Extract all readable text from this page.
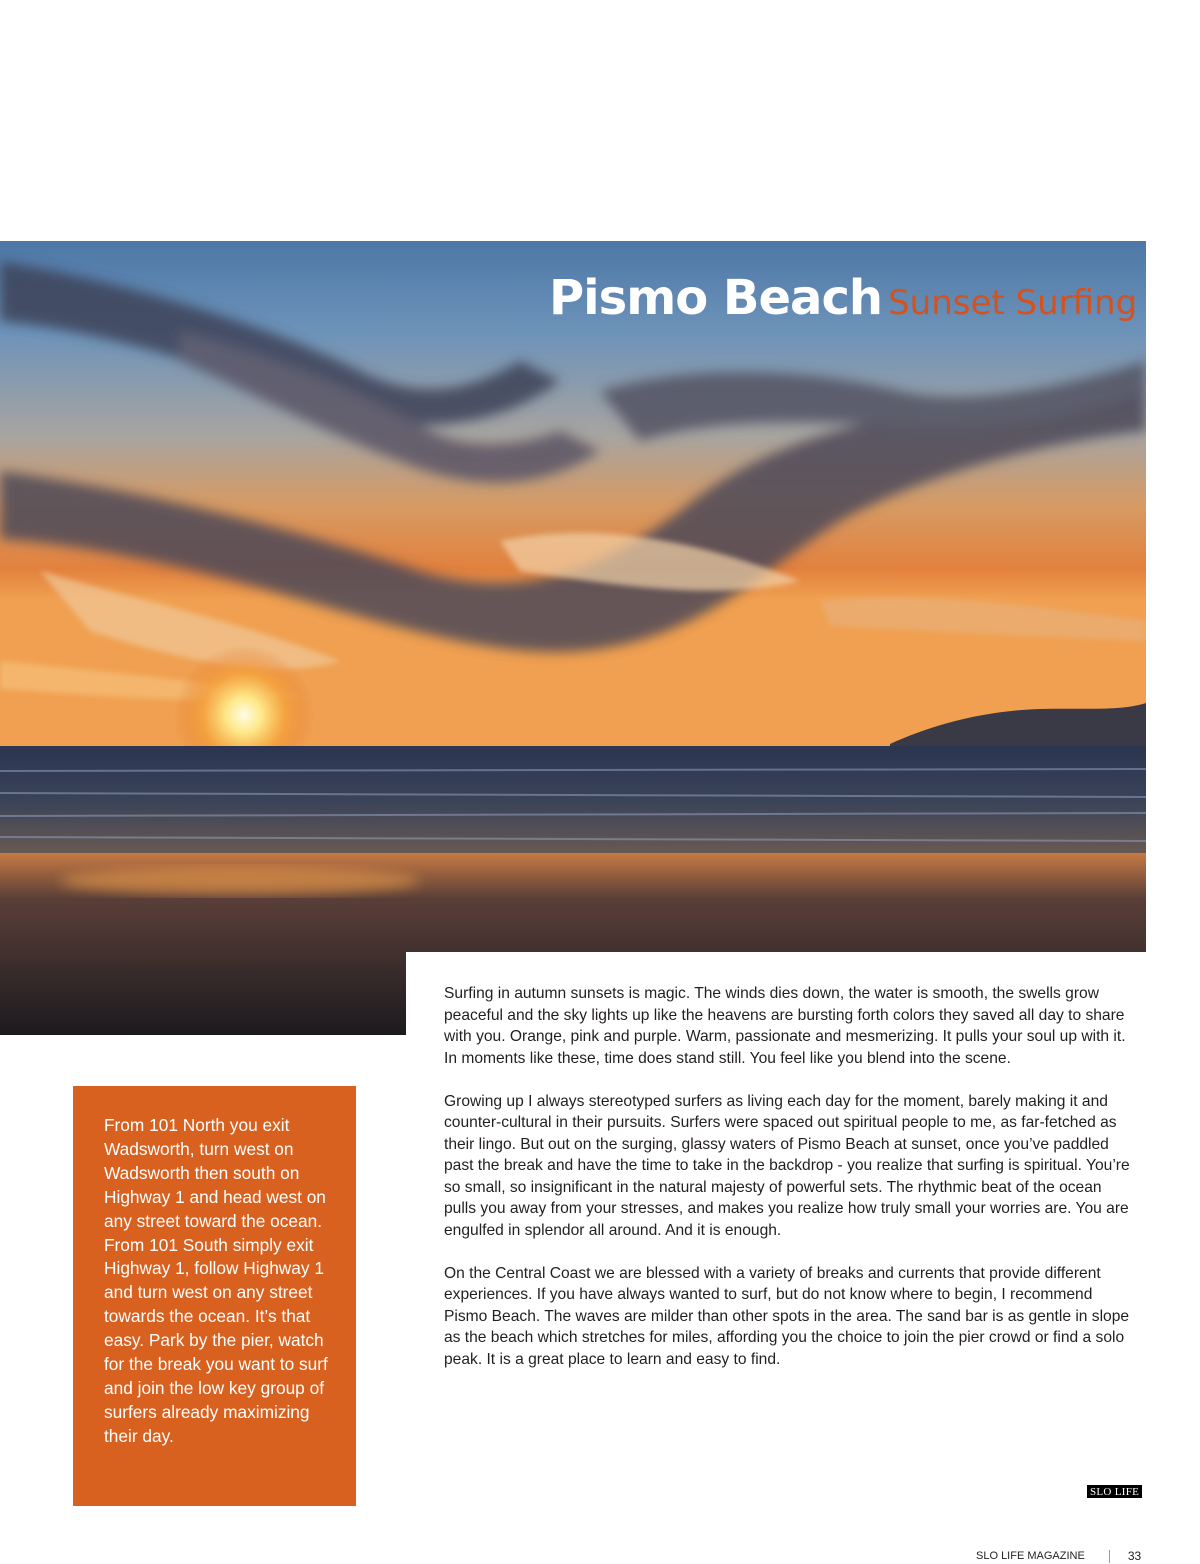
Pismo Beach Sunset Surfing

Surfing in autumn sunsets is magic. The winds dies down, the water is smooth, the swells grow peaceful and the sky lights up like the heavens are bursting forth colors they saved all day to share with you. Orange, pink and purple. Warm, passionate and mesmerizing. It pulls your soul up with it. In moments like these, time does stand still. You feel like you blend into the scene.

Growing up I always stereotyped surfers as living each day for the moment, barely making it and counter-cultural in their pursuits. Surfers were spaced out spiritual people to me, as far-fetched as their lingo. But out on the surging, glassy waters of Pismo Beach at sunset, once you’ve paddled past the break and have the time to take in the backdrop - you realize that surfing is spiritual. You’re so small, so insignificant in the natural majesty of powerful sets. The rhythmic beat of the ocean pulls you away from your stresses, and makes you realize how truly small your worries are. You are engulfed in splendor all around. And it is enough.

On the Central Coast we are blessed with a variety of breaks and currents that provide different experiences. If you have always wanted to surf, but do not know where to begin, I recommend Pismo Beach. The waves are milder than other spots in the area. The sand bar is as gentle in slope as the beach which stretches for miles, affording you the choice to join the pier crowd or find a solo peak. It is a great place to learn and easy to find.

From 101 North you exit Wadsworth, turn west on Wadsworth then south on Highway 1 and head west on any street toward the ocean. From 101 South simply exit Highway 1, follow Highway 1 and turn west on any street towards the ocean. It’s that easy. Park by the pier, watch for the break you want to surf and join the low key group of surfers already maximizing their day.
SLO LIFE
SLO LIFE MAGAZINE	33
